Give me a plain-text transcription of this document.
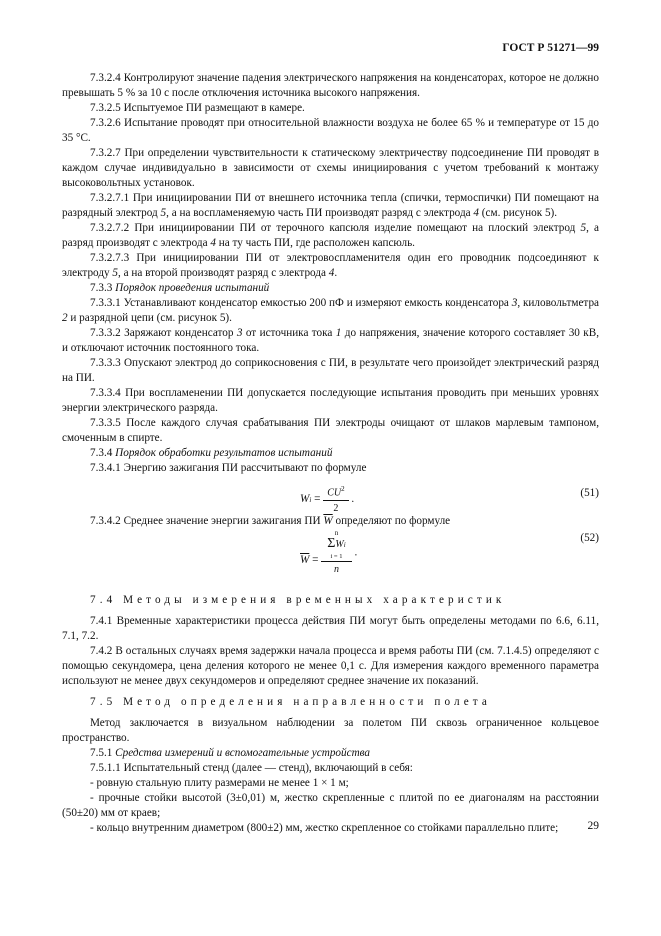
ГОСТ Р 51271—99

7.3.2.4 Контролируют значение падения электрического напряжения на конденсаторах, которое не должно превышать 5 % за 10 с после отключения источника высокого напряжения.

7.3.2.5 Испытуемое ПИ размещают в камере.

7.3.2.6 Испытание проводят при относительной влажности воздуха не более 65 % и температуре от 15 до 35 °С.

7.3.2.7 При определении чувствительности к статическому электричеству подсоединение ПИ проводят в каждом случае индивидуально в зависимости от схемы инициирования с учетом требований к монтажу высоковольтных установок.

7.3.2.7.1 При инициировании ПИ от внешнего источника тепла (спички, термоспички) ПИ помещают на разрядный электрод 5, а на воспламеняемую часть ПИ производят разряд с электрода 4 (см. рисунок 5).

7.3.2.7.2 При инициировании ПИ от терочного капсюля изделие помещают на плоский электрод 5, а разряд производят с электрода 4 на ту часть ПИ, где расположен капсюль.

7.3.2.7.3 При инициировании ПИ от электровоспламенителя один его проводник подсоединяют к электроду 5, а на второй производят разряд с электрода 4.

7.3.3 Порядок проведения испытаний

7.3.3.1 Устанавливают конденсатор емкостью 200 пФ и измеряют емкость конденсатора 3, киловольтметра 2 и разрядной цепи (см. рисунок 5).

7.3.3.2 Заряжают конденсатор 3 от источника тока 1 до напряжения, значение которого составляет 30 кВ, и отключают источник постоянного тока.

7.3.3.3 Опускают электрод до соприкосновения с ПИ, в результате чего произойдет электрический разряд на ПИ.

7.3.3.4 При воспламенении ПИ допускается последующие испытания проводить при меньших уровнях энергии электрического разряда.

7.3.3.5 После каждого случая срабатывания ПИ электроды очищают от шлаков марлевым тампоном, смоченным в спирте.

7.3.4 Порядок обработки результатов испытаний

7.3.4.1 Энергию зажигания ПИ рассчитывают по формуле

$Wi = \frac{CU^2}{2}$ .	(51)

7.3.4.2 Среднее значение энергии зажигания ПИ $\overline{W}$ определяют по формуле

$\overline{W} = n$
ΣWi
i = 1
n .
(52)

7.4 Методы измерения временных характеристик

7.4.1 Временные характеристики процесса действия ПИ могут быть определены методами по 6.6, 6.11, 7.1, 7.2.

7.4.2 В остальных случаях время задержки начала процесса и время работы ПИ (см. 7.1.4.5) определяют с помощью секундомера, цена деления которого не менее 0,1 с. Для измерения каждого временного параметра используют не менее двух секундомеров и определяют среднее значение их показаний.

7.5 Метод определения направленности полета

Метод заключается в визуальном наблюдении за полетом ПИ сквозь ограниченное кольцевое пространство.

7.5.1 Средства измерений и вспомогательные устройства

7.5.1.1 Испытательный стенд (далее — стенд), включающий в себя:

- ровную стальную плиту размерами не менее 1 × 1 м;

- прочные стойки высотой (3±0,01) м, жестко скрепленные с плитой по ее диагоналям на расстоянии (50±20) мм от краев;

- кольцо внутренним диаметром (800±2) мм, жестко скрепленное со стойками параллельно плите;	29
